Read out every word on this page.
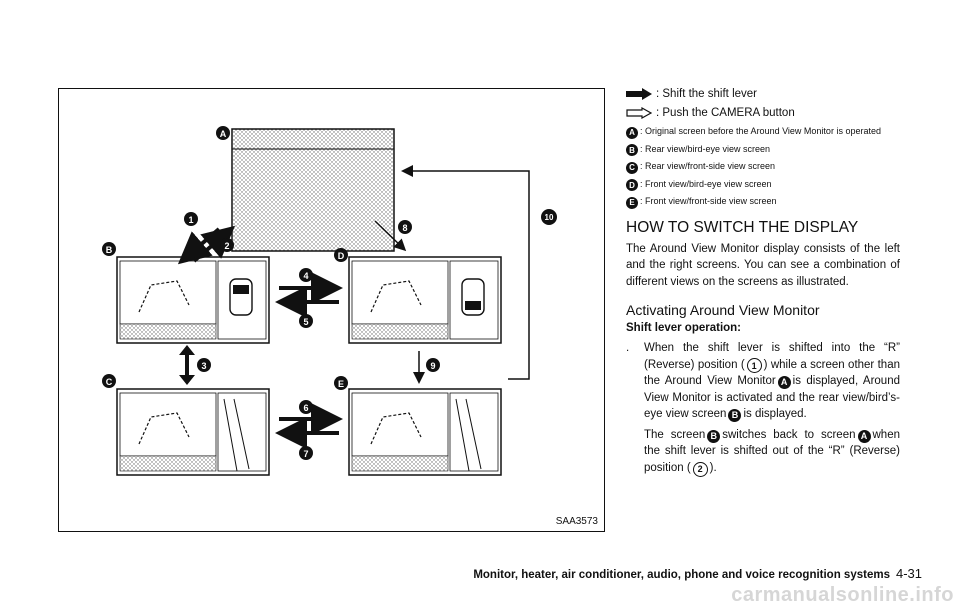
A
B
C
D
E
1
2
3
4
5
6
7
8
9
10
SAA3573
: Shift the shift lever
: Push the CAMERA button
A : Original screen before the Around View Monitor is operated
B : Rear view/bird-eye view screen
C : Rear view/front-side view screen
D : Front view/bird-eye view screen
E : Front view/front-side view screen
HOW TO SWITCH THE DISPLAY

The Around View Monitor display consists of the left and the right screens. You can see a combination of different views on the screens as illustrated.

Activating Around View Monitor
Shift lever operation:
.	When the shift lever is shifted into the “R” (Reverse) position ( 1 ) while a screen other than the Around View Monitor A is displayed, Around View Monitor is activated and the rear view/bird’s-eye view screen B is displayed.

The screen B switches back to screen A when the shift lever is shifted out of the “R” (Reverse) position ( 2 ).

Monitor, heater, air conditioner, audio, phone and voice recognition systems 4-31
carmanualsonline.info
